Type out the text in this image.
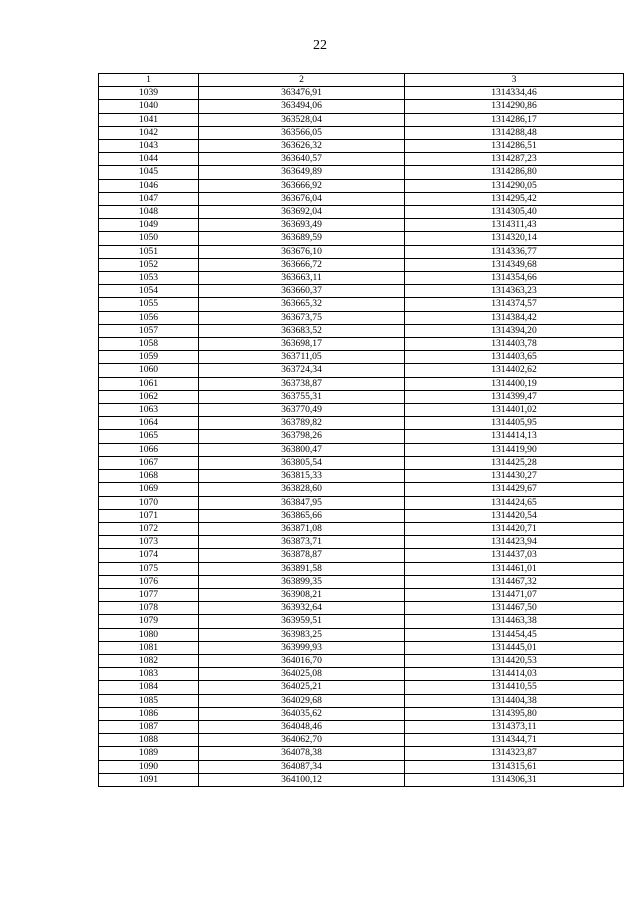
22
1	2	3
1039	363476,91	1314334,46
1040	363494,06	1314290,86
1041	363528,04	1314286,17
1042	363566,05	1314288,48
1043	363626,32	1314286,51
1044	363640,57	1314287,23
1045	363649,89	1314286,80
1046	363666,92	1314290,05
1047	363676,04	1314295,42
1048	363692,04	1314305,40
1049	363693,49	1314311,43
1050	363689,59	1314320,14
1051	363676,10	1314336,77
1052	363666,72	1314349,68
1053	363663,11	1314354,66
1054	363660,37	1314363,23
1055	363665,32	1314374,57
1056	363673,75	1314384,42
1057	363683,52	1314394,20
1058	363698,17	1314403,78
1059	363711,05	1314403,65
1060	363724,34	1314402,62
1061	363738,87	1314400,19
1062	363755,31	1314399,47
1063	363770,49	1314401,02
1064	363789,82	1314405,95
1065	363798,26	1314414,13
1066	363800,47	1314419,90
1067	363805,54	1314425,28
1068	363815,33	1314430,27
1069	363828,60	1314429,67
1070	363847,95	1314424,65
1071	363865,66	1314420,54
1072	363871,08	1314420,71
1073	363873,71	1314423,94
1074	363878,87	1314437,03
1075	363891,58	1314461,01
1076	363899,35	1314467,32
1077	363908,21	1314471,07
1078	363932,64	1314467,50
1079	363959,51	1314463,38
1080	363983,25	1314454,45
1081	363999,93	1314445,01
1082	364016,70	1314420,53
1083	364025,08	1314414,03
1084	364025,21	1314410,55
1085	364029,68	1314404,38
1086	364035,62	1314395,80
1087	364048,46	1314373,11
1088	364062,70	1314344,71
1089	364078,38	1314323,87
1090	364087,34	1314315,61
1091	364100,12	1314306,31
